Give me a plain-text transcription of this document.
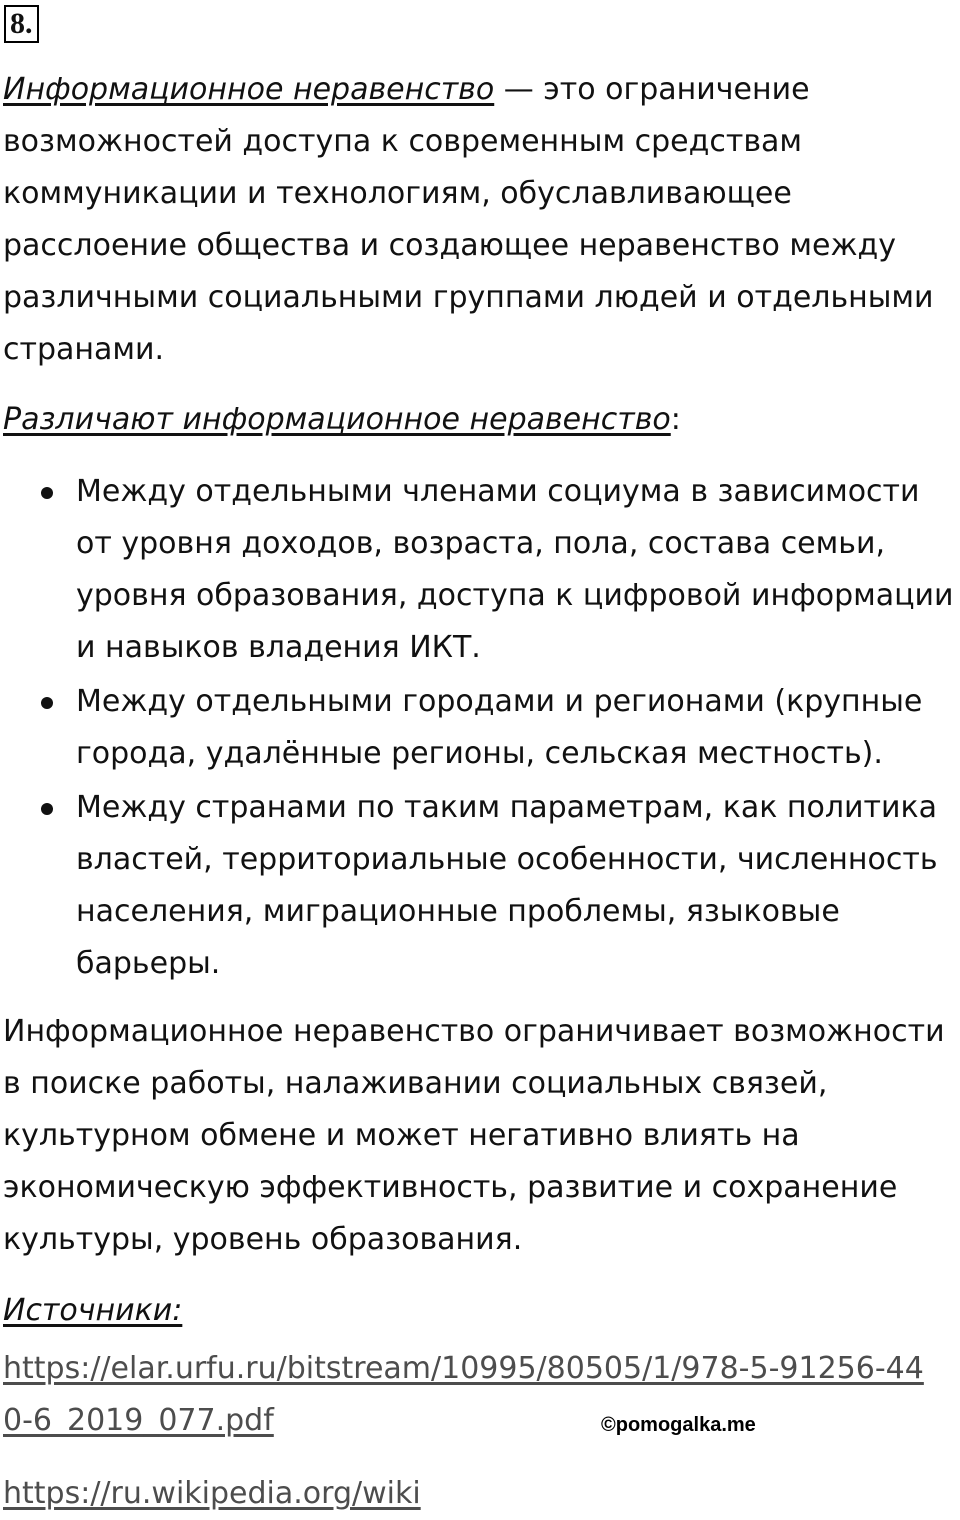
8.

Информационное неравенство — это ограничение возможностей доступа к современным средствам коммуникации и технологиям, обуславливающее расслоение общества и создающее неравенство между различными социальными группами людей и отдельными странами.

Различают информационное неравенство:

Между отдельными членами социума в зависимости от уровня доходов, возраста, пола, состава семьи, уровня образования, доступа к цифровой информации и навыков владения ИКТ.
Между отдельными городами и регионами (крупные города, удалённые регионы, сельская местность).
Между странами по таким параметрам, как политика властей, территориальные особенности, численность населения, миграционные проблемы, языковые барьеры.

Информационное неравенство ограничивает возможности в поиске работы, налаживании социальных связей, культурном обмене и может негативно влиять на экономическую эффективность, развитие и сохранение культуры, уровень образования.

Источники:
https://elar.urfu.ru/bitstream/10995/80505/1/978-5-91256-440-6_2019_077.pdf
https://ru.wikipedia.org/wiki
©pomogalka.me
